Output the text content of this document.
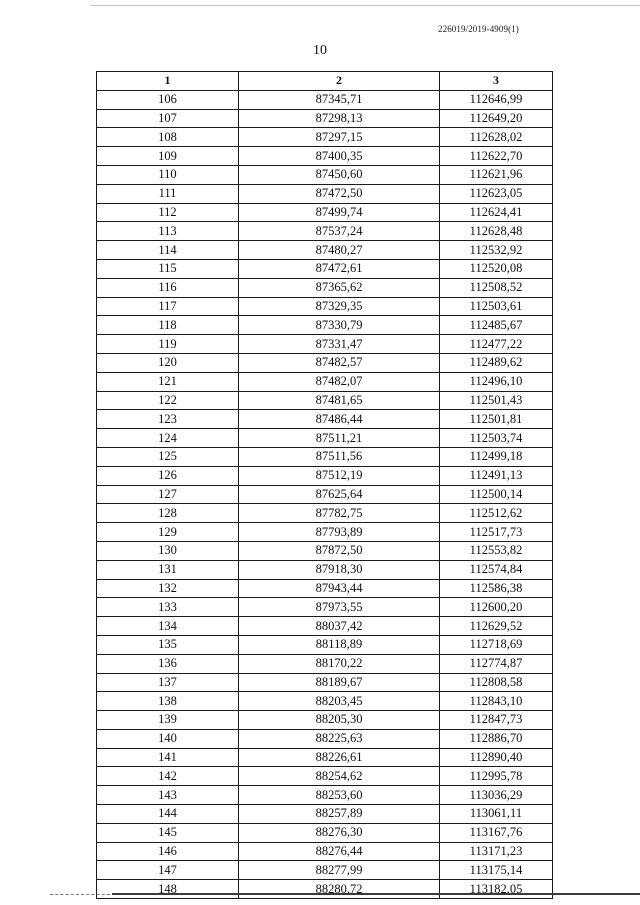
226019/2019-4909(1)
10
1	2	3
106	87345,71	112646,99
107	87298,13	112649,20
108	87297,15	112628,02
109	87400,35	112622,70
110	87450,60	112621,96
111	87472,50	112623,05
112	87499,74	112624,41
113	87537,24	112628,48
114	87480,27	112532,92
115	87472,61	112520,08
116	87365,62	112508,52
117	87329,35	112503,61
118	87330,79	112485,67
119	87331,47	112477,22
120	87482,57	112489,62
121	87482,07	112496,10
122	87481,65	112501,43
123	87486,44	112501,81
124	87511,21	112503,74
125	87511,56	112499,18
126	87512,19	112491,13
127	87625,64	112500,14
128	87782,75	112512,62
129	87793,89	112517,73
130	87872,50	112553,82
131	87918,30	112574,84
132	87943,44	112586,38
133	87973,55	112600,20
134	88037,42	112629,52
135	88118,89	112718,69
136	88170,22	112774,87
137	88189,67	112808,58
138	88203,45	112843,10
139	88205,30	112847,73
140	88225,63	112886,70
141	88226,61	112890,40
142	88254,62	112995,78
143	88253,60	113036,29
144	88257,89	113061,11
145	88276,30	113167,76
146	88276,44	113171,23
147	88277,99	113175,14
148	88280,72	113182,05
